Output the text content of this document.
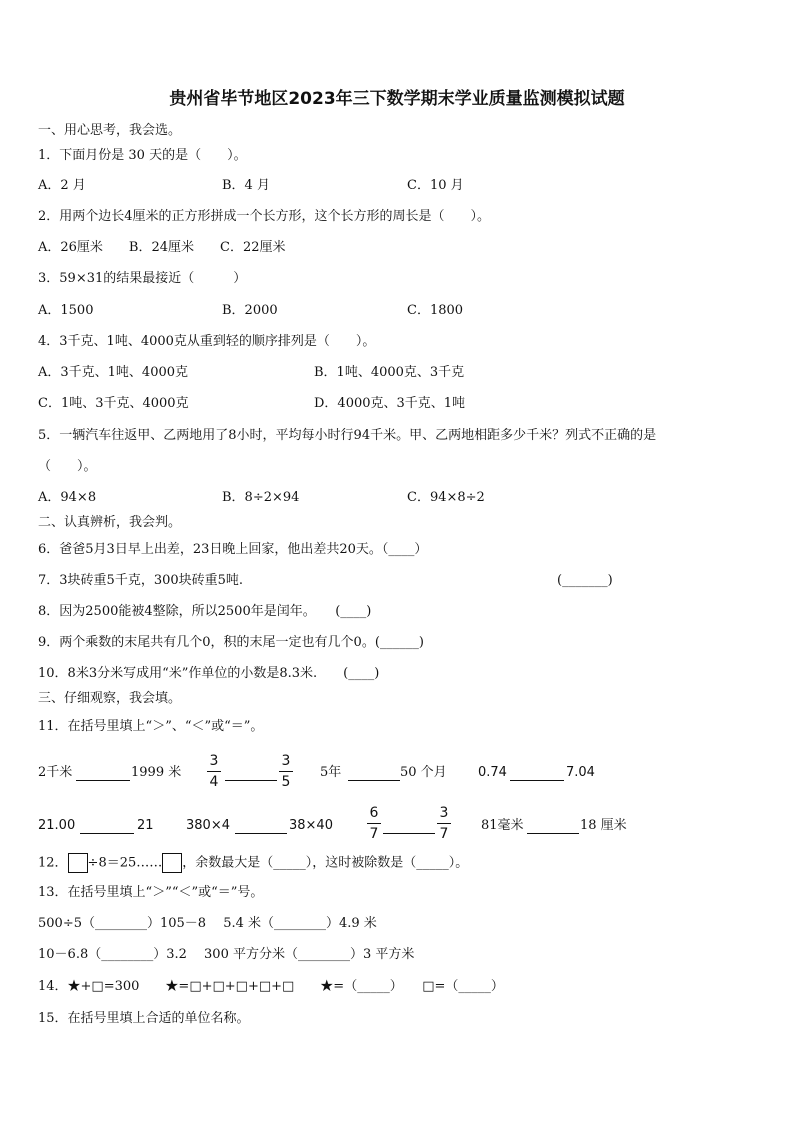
贵州省毕节地区2023年三下数学期末学业质量监测模拟试题
一、用心思考，我会选。
1．下面月份是 30 天的是（　　）。
A．2 月	B．4 月	C．10 月
2．用两个边长4厘米的正方形拼成一个长方形，这个长方形的周长是（　　）。
A．26厘米　　B．24厘米　　C．22厘米
3．59×31的结果最接近（　　　）
A．1500	B．2000	C．1800
4．3千克、1吨、4000克从重到轻的顺序排列是（　　）。
A．3千克、1吨、4000克	B．1吨、4000克、3千克
C．1吨、3千克、4000克	D．4000克、3千克、1吨
5．一辆汽车往返甲、乙两地用了8小时，平均每小时行94千米。甲、乙两地相距多少千米？列式不正确的是
（　　）。
A．94×8	B．8÷2×94	C．94×8÷2
二、认真辨析，我会判。
6．爸爸5月3日早上出差，23日晚上回家，他出差共20天。（____）
7．3块砖重5千克，300块砖重5吨.	(_______)
8．因为2500能被4整除，所以2500年是闰年。　　(____)
9．两个乘数的末尾共有几个0，积的末尾一定也有几个0。(______)
10．8米3分米写成用“米”作单位的小数是8.3米.　　(____)
三、仔细观察，我会填。
11．在括号里填上“＞”、“＜”或“＝”。
2千米	1999 米
3
4
3
5
5年	50 个月 0.74	7.04
21.00	21 380×4	38×40
6
7
3
7
81毫米	18 厘米
12． ÷8＝25…… ，余数最大是（_____），这时被除数是（_____）。
13．在括号里填上“＞”“＜”或“＝”号。
500÷5（________）105－8　 5.4 米（________）4.9 米
10－6.8（________）3.2　 300 平方分米（________）3 平方米
14．★+□=300　　★=□+□+□+□+□　　★=（_____）　　□=（_____）
15．在括号里填上合适的单位名称。
